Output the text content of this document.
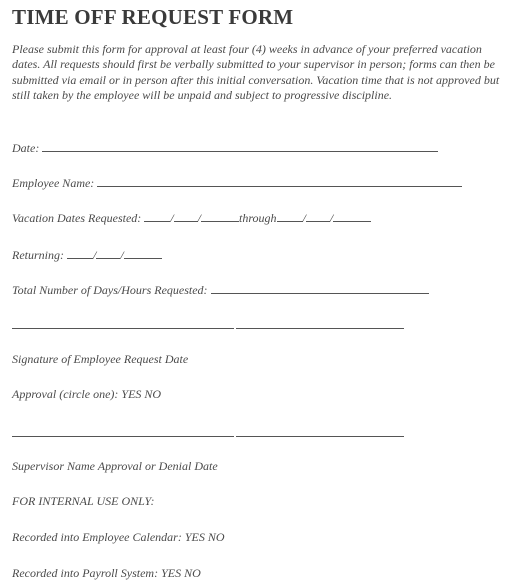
TIME OFF REQUEST FORM
Please submit this form for approval at least four (4) weeks in advance of your preferred vacation dates. All requests should first be verbally submitted to your supervisor in person; forms can then be submitted via email or in person after this initial conversation. Vacation time that is not approved but still taken by the employee will be unpaid and subject to progressive discipline.
Date:
Employee Name:
Vacation Dates Requested: / /	through / /
Returning: / /
Total Number of Days/Hours Requested:
Signature of Employee Request Date
Approval (circle one): YES NO
Supervisor Name Approval or Denial Date
FOR INTERNAL USE ONLY:
Recorded into Employee Calendar: YES NO
Recorded into Payroll System: YES NO
